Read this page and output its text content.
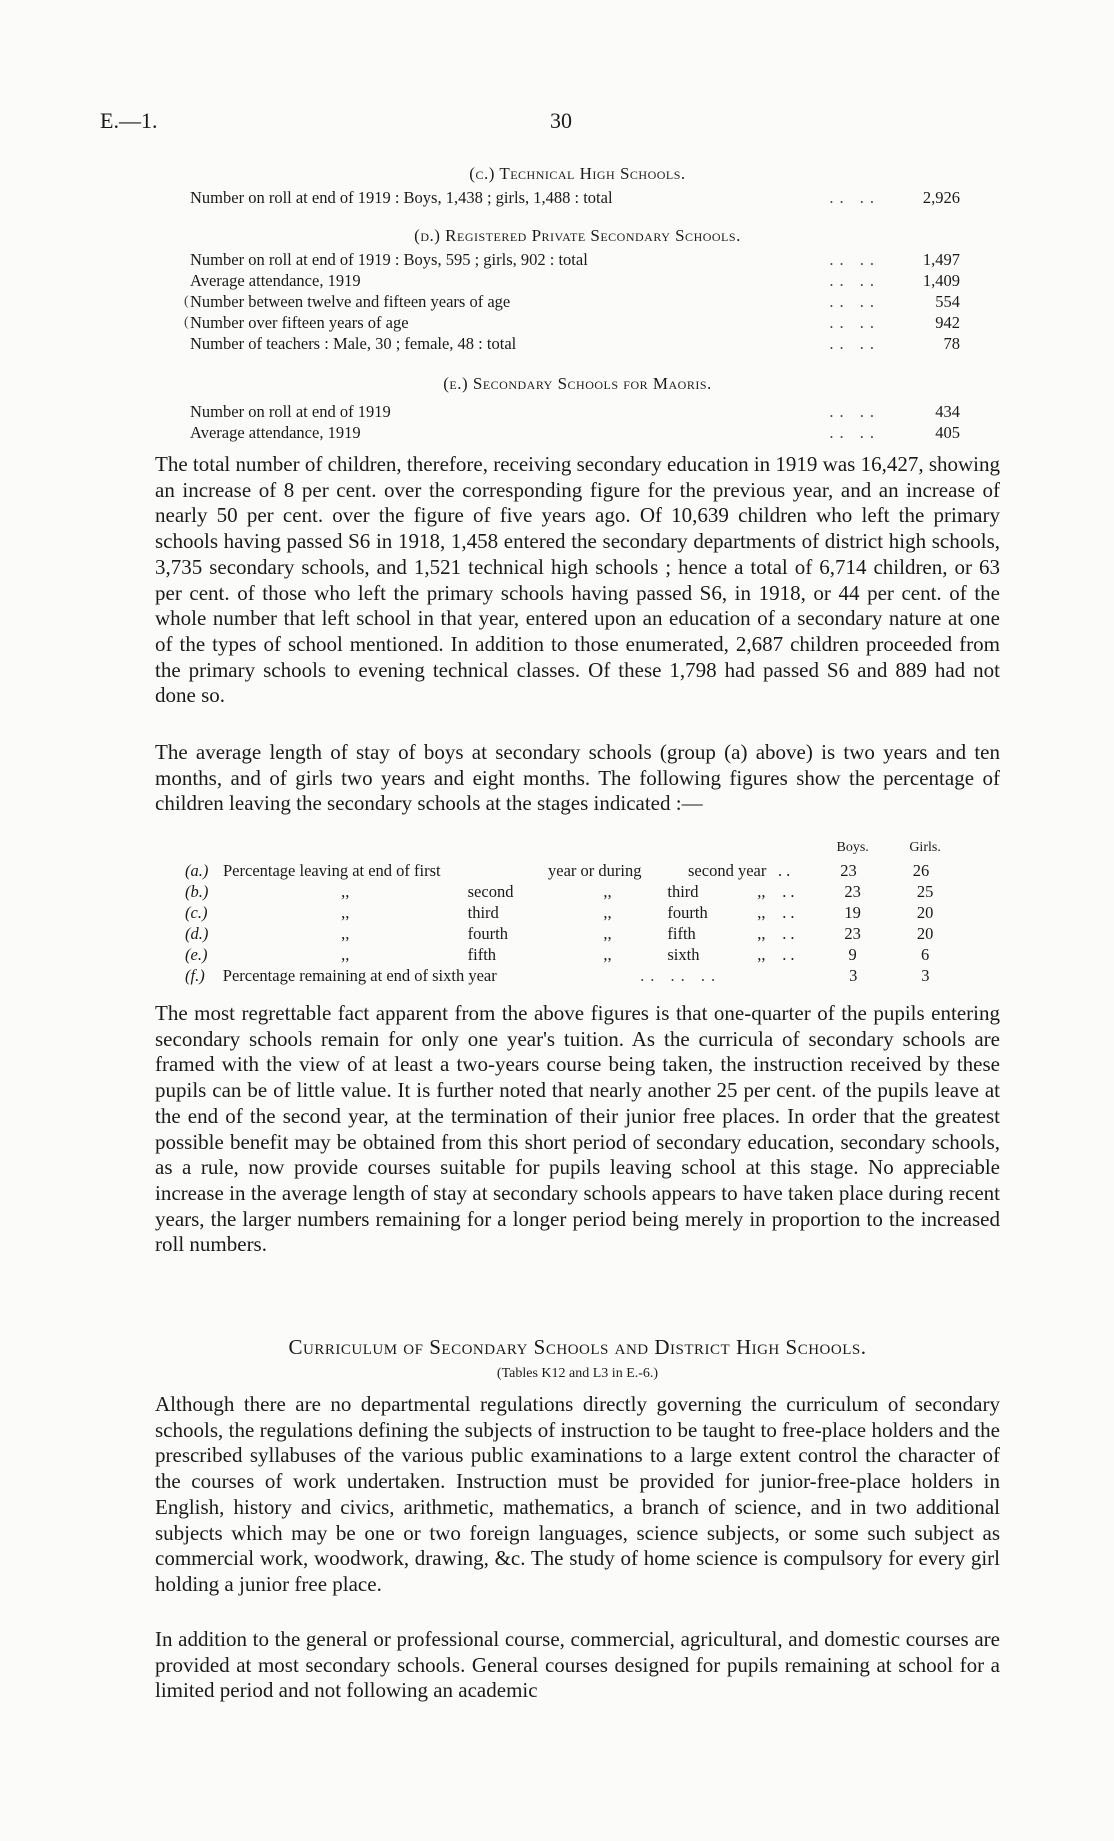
E.—1.	30
(c.) Technical High Schools.
Number on roll at end of 1919 : Boys, 1,438 ; girls, 1,488 : total	.. ..	2,926
(d.) Registered Private Secondary Schools.
Number on roll at end of 1919 : Boys, 595 ; girls, 902 : total	.. ..	1,497
Average attendance, 1919	.. ..	1,409
( Number between twelve and fifteen years of age	.. ..	554
( Number over fifteen years of age	.. ..	942
Number of teachers : Male, 30 ; female, 48 : total	.. ..	78
(e.) Secondary Schools for Maoris.
Number on roll at end of 1919	.. ..	434
Average attendance, 1919	.. ..	405

The total number of children, therefore, receiving secondary education in 1919 was 16,427, showing an increase of 8 per cent. over the corresponding figure for the previous year, and an increase of nearly 50 per cent. over the figure of five years ago. Of 10,639 children who left the primary schools having passed S6 in 1918, 1,458 entered the secondary departments of district high schools, 3,735 secondary schools, and 1,521 technical high schools ; hence a total of 6,714 children, or 63 per cent. of those who left the primary schools having passed S6, in 1918, or 44 per cent. of the whole number that left school in that year, entered upon an education of a secondary nature at one of the types of school mentioned. In addition to those enumerated, 2,687 children proceeded from the primary schools to evening technical classes. Of these 1,798 had passed S6 and 889 had not done so.

The average length of stay of boys at secondary schools (group (a) above) is two years and ten months, and of girls two years and eight months. The following figures show the percentage of children leaving the secondary schools at the stages indicated :—

Boys.	Girls.
(a.) Percentage leaving at end of first	year or during	second year ..	23	26
(b.)	,,	second	,,	third	,,	..	23	25
(c.)	,,	third	,,	fourth	,,	..	19	20
(d.)	,,	fourth	,,	fifth	,,	..	23	20
(e.)	,,	fifth	,,	sixth	,,	..	9	6
(f.)	Percentage remaining at end of sixth year	.. .. ..	3	3

The most regrettable fact apparent from the above figures is that one-quarter of the pupils entering secondary schools remain for only one year's tuition. As the curricula of secondary schools are framed with the view of at least a two-years course being taken, the instruction received by these pupils can be of little value. It is further noted that nearly another 25 per cent. of the pupils leave at the end of the second year, at the termination of their junior free places. In order that the greatest possible benefit may be obtained from this short period of secondary education, secondary schools, as a rule, now provide courses suitable for pupils leaving school at this stage. No appreciable increase in the average length of stay at secondary schools appears to have taken place during recent years, the larger numbers remaining for a longer period being merely in proportion to the increased roll numbers.

Curriculum of Secondary Schools and District High Schools.
(Tables K12 and L3 in E.-6.)

Although there are no departmental regulations directly governing the curriculum of secondary schools, the regulations defining the subjects of instruction to be taught to free-place holders and the prescribed syllabuses of the various public examinations to a large extent control the character of the courses of work undertaken. Instruction must be provided for junior-free-place holders in English, history and civics, arithmetic, mathematics, a branch of science, and in two additional subjects which may be one or two foreign languages, science subjects, or some such subject as commercial work, woodwork, drawing, &c. The study of home science is compulsory for every girl holding a junior free place.

In addition to the general or professional course, commercial, agricultural, and domestic courses are provided at most secondary schools. General courses designed for pupils remaining at school for a limited period and not following an academic
